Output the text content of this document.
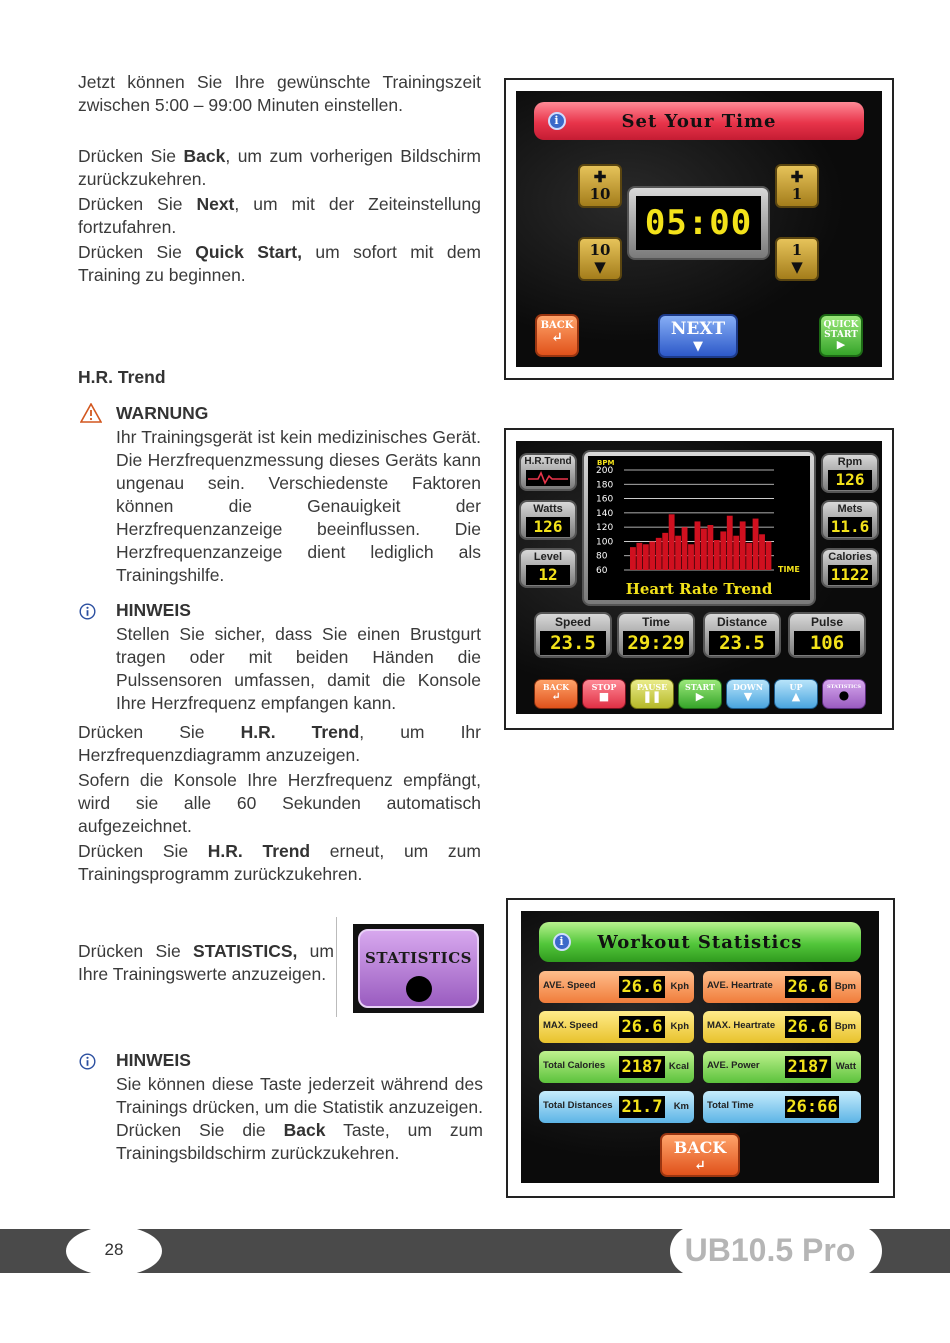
Jetzt können Sie Ihre gewünschte Trainingszeit zwischen 5:00 – 99:00 Minuten einstellen.
Drücken Sie Back, um zum vorherigen Bildschirm zurückzukehren.
Drücken Sie Next, um mit der Zeiteinstellung fortzufahren.
Drücken Sie Quick Start, um sofort mit dem Training zu beginnen.
H.R. Trend
WARNUNG
Ihr Trainingsgerät ist kein medizinisches Gerät. Die Herzfrequenzmessung dieses Geräts kann ungenau sein. Verschiedenste Faktoren können die Genauigkeit der Herzfrequenzanzeige beeinflussen. Die Herzfrequenzanzeige dient lediglich als Trainingshilfe.
HINWEIS
Stellen Sie sicher, dass Sie einen Brustgurt tragen oder mit beiden Händen die Pulssensoren umfassen, damit die Konsole Ihre Herzfrequenz empfangen kann.
Drücken Sie H.R. Trend, um Ihr Herzfrequenzdiagramm anzuzeigen.
Sofern die Konsole Ihre Herzfrequenz empfängt, wird sie alle 60 Sekunden automatisch aufgezeichnet.
Drücken Sie H.R. Trend erneut, um zum Trainingsprogramm zurückzukehren.
Drücken Sie STATISTICS, um Ihre Trainingswerte anzuzeigen.
STATISTICS
HINWEIS
Sie können diese Taste jederzeit während des Trainings drücken, um die Statistik anzuzeigen. Drücken Sie die Back Taste, um zum Trainingsbildschirm zurückzukehren.
i	Set Your Time
✚
10
✚
1
10
▼
1
▼
05:00
BACK
↵	NEXT
▼
QUICK
START
▶
H.R.Trend
Watts
126
Level
12
BPM
200
180
160
140
120
100
80
60	TIME
Heart Rate Trend
Rpm
126
Mets
11.6
Calories
1122
Speed
23.5
Time
29:29
Distance
23.5
Pulse
106
BACK
↵
STOP
■
PAUSE
❚❚
START
▶
DOWN
▼
UP
▲
STATISTICS
●
i	Workout Statistics
AVE. Speed 26.6 Kph AVE. Heartrate 26.6 Bpm
MAX. Speed 26.6 Kph MAX. Heartrate 26.6 Bpm
Total Calories 2187 Kcal AVE. Power 2187 Watt
Total Distances 21.7 Km Total Time 26:66
BACK
↵
28	UB10.5 Pro
